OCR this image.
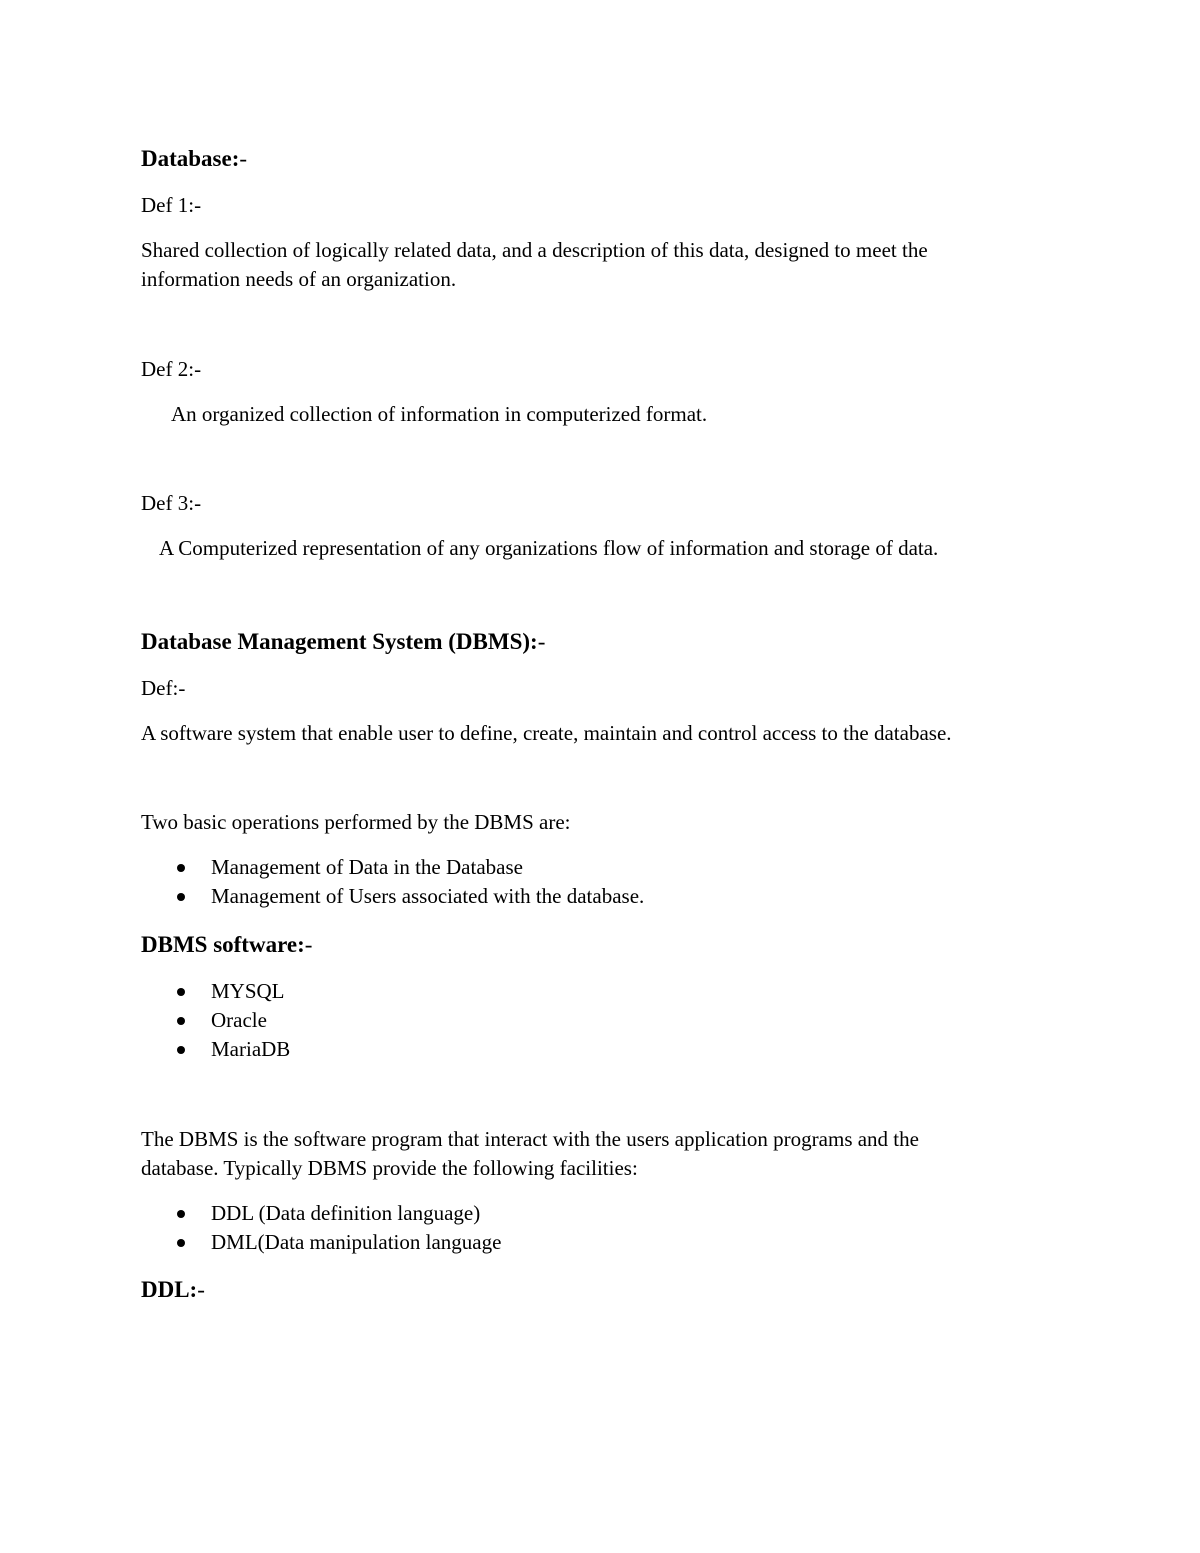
Database:-

Def 1:-

Shared collection of logically related data, and a description of this data, designed to meet the

information needs of an organization.

Def 2:-

An organized collection of information in computerized format.

Def 3:-

A Computerized representation of any organizations flow of information and storage of data.

Database Management System (DBMS):-

Def:-

A software system that enable user to define, create, maintain and control access to the database.

Two basic operations performed by the DBMS are:

Management of Data in the Database

Management of Users associated with the database.

DBMS software:-

MYSQL

Oracle

MariaDB

The DBMS is the software program that interact with the users application programs and the

database. Typically DBMS provide the following facilities:

DDL (Data definition language)

DML(Data manipulation language

DDL:-
